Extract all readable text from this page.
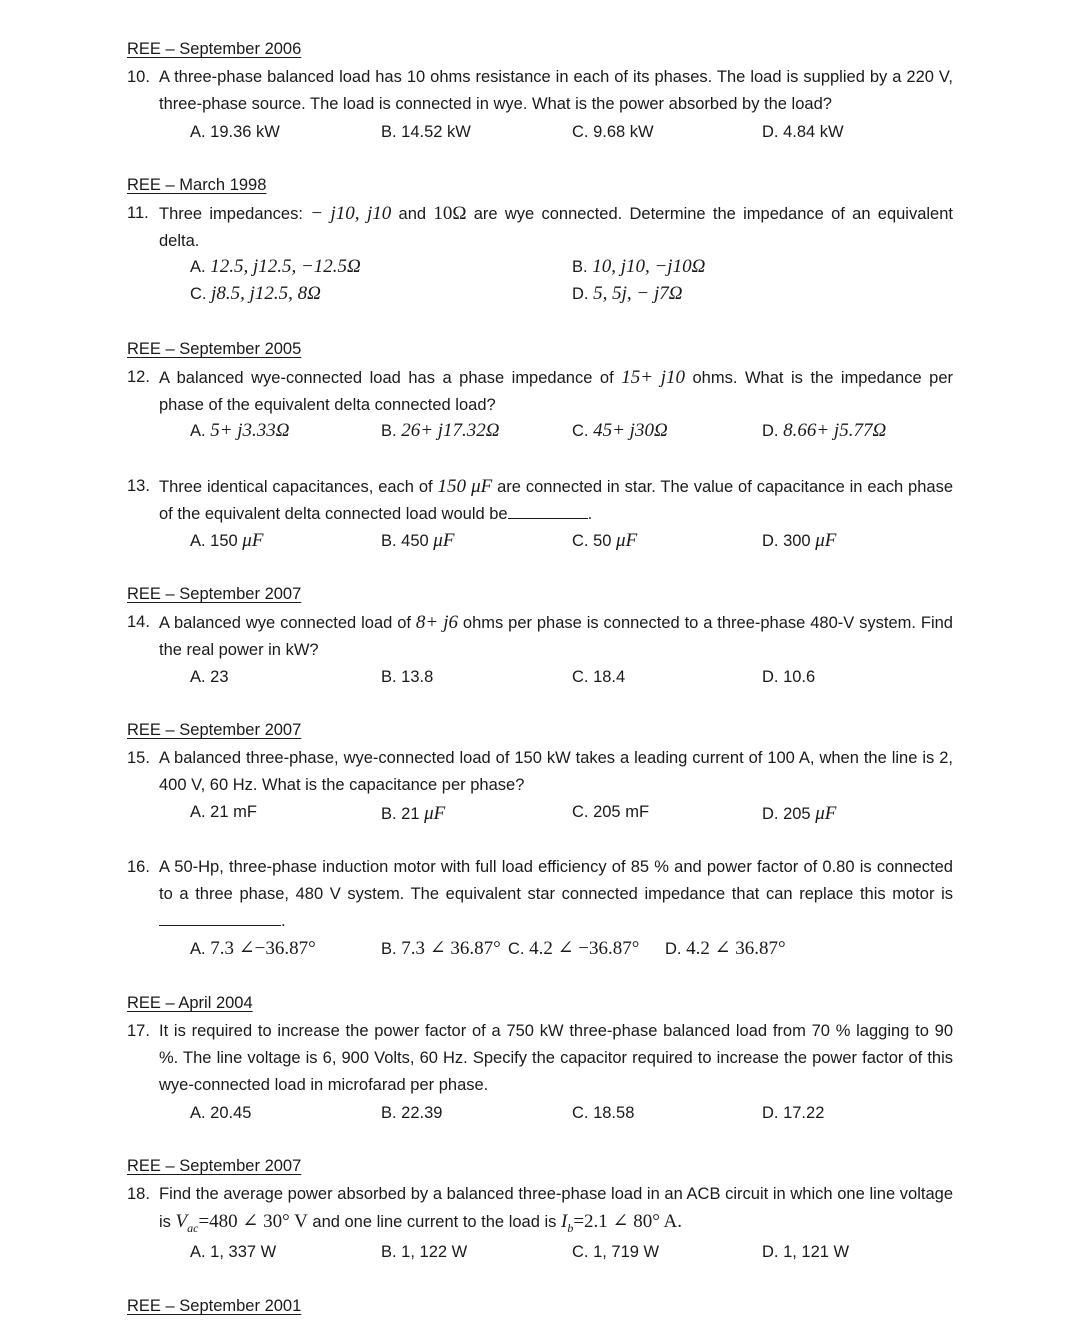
REE – September 2006
10. A three-phase balanced load has 10 ohms resistance in each of its phases. The load is supplied by a 220 V, three-phase source. The load is connected in wye. What is the power absorbed by the load?
A. 19.36 kW	B. 14.52 kW	C. 9.68 kW	D. 4.84 kW
REE – March 1998
11. Three impedances: − j10, j10 and 10Ω are wye connected. Determine the impedance of an equivalent delta.
A. 12.5, j12.5, −12.5Ω	B. 10, j10, −j10Ω
C. j8.5, j12.5, 8Ω	D. 5, 5j, − j7Ω
REE – September 2005
12. A balanced wye-connected load has a phase impedance of 15+ j10 ohms. What is the impedance per phase of the equivalent delta connected load?
A. 5+ j3.33Ω	B. 26+ j17.32Ω	C. 45+ j30Ω	D. 8.66+ j5.77Ω
13. Three identical capacitances, each of 150 μF are connected in star. The value of capacitance in each phase of the equivalent delta connected load would be	.
A. 150 μF	B. 450 μF	C. 50 μF	D. 300 μF
REE – September 2007
14. A balanced wye connected load of 8+ j6 ohms per phase is connected to a three-phase 480-V system. Find the real power in kW?
A. 23	B. 13.8	C. 18.4	D. 10.6
REE – September 2007
15. A balanced three-phase, wye-connected load of 150 kW takes a leading current of 100 A, when the line is 2, 400 V, 60 Hz. What is the capacitance per phase?
A. 21 mF	B. 21 μF	C. 205 mF	D. 205 μF
16. A 50-Hp, three-phase induction motor with full load efficiency of 85 % and power factor of 0.80 is connected to a three phase, 480 V system. The equivalent star connected impedance that can replace this motor is.
A. 7.3 ∠−36.87°	B. 7.3 ∠ 36.87° C. 4.2 ∠ −36.87° D. 4.2 ∠ 36.87°
REE – April 2004
17. It is required to increase the power factor of a 750 kW three-phase balanced load from 70 % lagging to 90 %. The line voltage is 6, 900 Volts, 60 Hz. Specify the capacitor required to increase the power factor of this wye-connected load in microfarad per phase.
A. 20.45	B. 22.39	C. 18.58	D. 17.22
REE – September 2007
18. Find the average power absorbed by a balanced three-phase load in an ACB circuit in which one line voltage is $V_{ac}=480$ ∠ 30° V and one line current to the load is $I_b=2.1$ ∠ 80° A.
A. 1, 337 W	B. 1, 122 W	C. 1, 719 W	D. 1, 121 W
REE – September 2001
